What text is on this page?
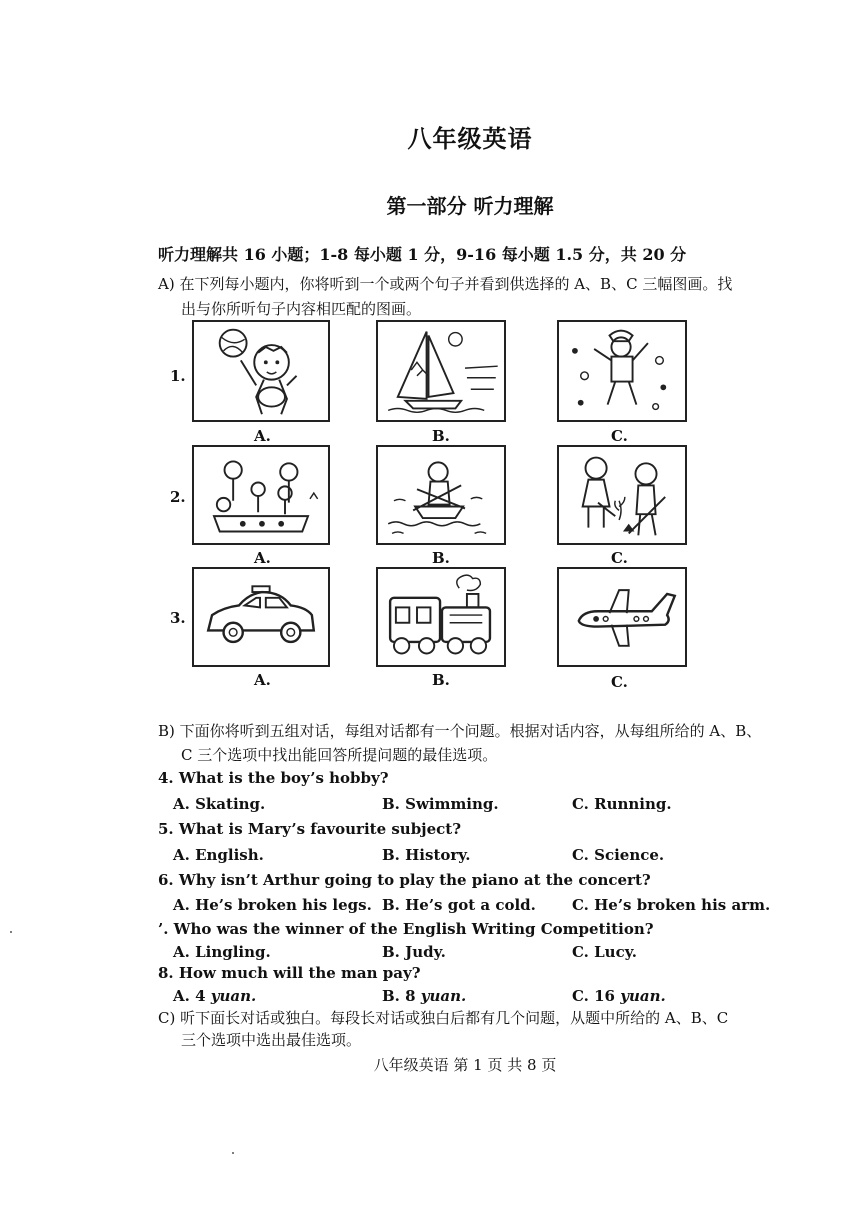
八年级英语
第一部分 听力理解
听力理解共 16 小题；1-8 每小题 1 分，9-16 每小题 1.5 分，共 20 分
A) 在下列每小题内，你将听到一个或两个句子并看到供选择的 A、B、C 三幅图画。找
出与你所听句子内容相匹配的图画。
1.
A.	B.	C.
2.
A.	B.	C.
3.
A.	B.	C.
B) 下面你将听到五组对话，每组对话都有一个问题。根据对话内容，从每组所给的 A、B、
C 三个选项中找出能回答所提问题的最佳选项。
4. What is the boy’s hobby?
A. Skating.	B. Swimming.	C. Running.
5. What is Mary’s favourite subject?
A. English.	B. History.	C. Science.
6. Why isn’t Arthur going to play the piano at the concert?
A. He’s broken his legs. B. He’s got a cold. C. He’s broken his arm.
’. Who was the winner of the English Writing Competition?
A. Lingling.	B. Judy.	C. Lucy.
8. How much will the man pay?
A. 4 yuan.	B. 8 yuan.	C. 16 yuan.
C) 听下面长对话或独白。每段长对话或独白后都有几个问题，从题中所给的 A、B、C
三个选项中选出最佳选项。
八年级英语 第 1 页 共 8 页
